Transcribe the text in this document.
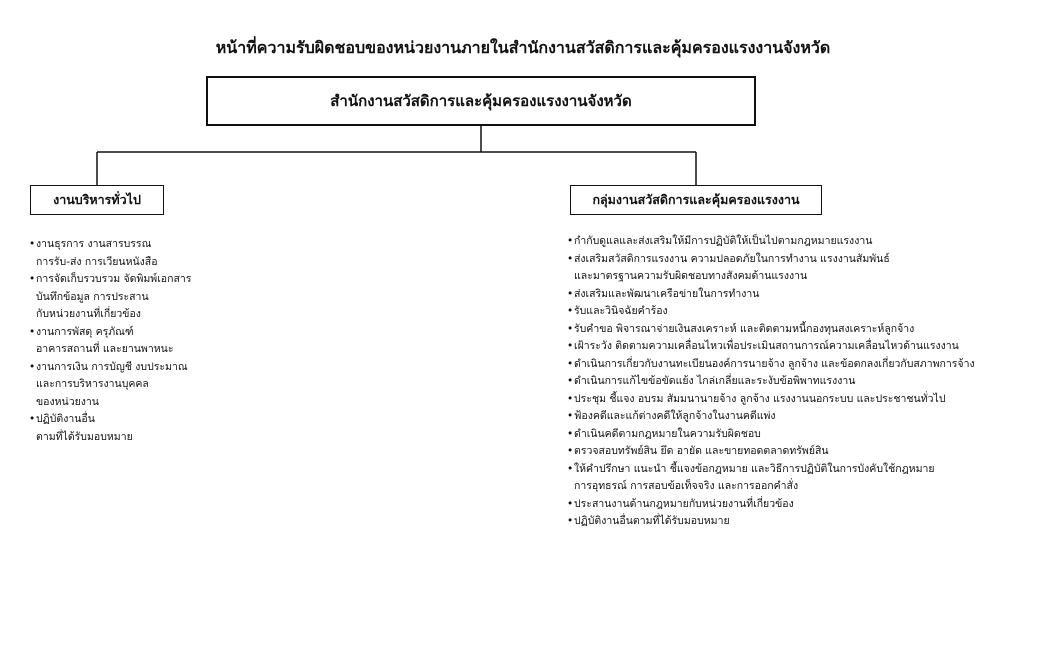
หน้าที่ความรับผิดชอบของหน่วยงานภายในสำนักงานสวัสดิการและคุ้มครองแรงงานจังหวัด
สำนักงานสวัสดิการและคุ้มครองแรงงานจังหวัด
งานบริหารทั่วไป	กลุ่มงานสวัสดิการและคุ้มครองแรงงาน
• งานธุรการ งานสารบรรณ
การรับ-ส่ง การเวียนหนังสือ
• การจัดเก็บรวบรวม จัดพิมพ์เอกสาร
บันทึกข้อมูล การประสาน
กับหน่วยงานที่เกี่ยวข้อง
• งานการพัสดุ ครุภัณฑ์
อาคารสถานที่ และยานพาหนะ
• งานการเงิน การบัญชี งบประมาณ
และการบริหารงานบุคคล
ของหน่วยงาน
• ปฏิบัติงานอื่น
ตามที่ได้รับมอบหมาย
• กำกับดูแลและส่งเสริมให้มีการปฏิบัติให้เป็นไปตามกฎหมายแรงงาน
• ส่งเสริมสวัสดิการแรงงาน ความปลอดภัยในการทำงาน แรงงานสัมพันธ์
และมาตรฐานความรับผิดชอบทางสังคมด้านแรงงาน
• ส่งเสริมและพัฒนาเครือข่ายในการทำงาน
• รับและวินิจฉัยคำร้อง
• รับคำขอ พิจารณาจ่ายเงินสงเคราะห์ และติดตามหนี้กองทุนสงเคราะห์ลูกจ้าง
• เฝ้าระวัง ติดตามความเคลื่อนไหวเพื่อประเมินสถานการณ์ความเคลื่อนไหวด้านแรงงาน
• ดำเนินการเกี่ยวกับงานทะเบียนองค์การนายจ้าง ลูกจ้าง และข้อตกลงเกี่ยวกับสภาพการจ้าง
• ดำเนินการแก้ไขข้อขัดแย้ง ไกล่เกลี่ยและระงับข้อพิพาทแรงงาน
• ประชุม ชี้แจง อบรม สัมมนานายจ้าง ลูกจ้าง แรงงานนอกระบบ และประชาชนทั่วไป
• ฟ้องคดีและแก้ต่างคดีให้ลูกจ้างในงานคดีแพ่ง
• ดำเนินคดีตามกฎหมายในความรับผิดชอบ
• ตรวจสอบทรัพย์สิน ยึด อายัด และขายทอดตลาดทรัพย์สิน
• ให้คำปรึกษา แนะนำ ชี้แจงข้อกฎหมาย และวิธีการปฏิบัติในการบังคับใช้กฎหมาย
การอุทธรณ์ การสอบข้อเท็จจริง และการออกคำสั่ง
• ประสานงานด้านกฎหมายกับหน่วยงานที่เกี่ยวข้อง
• ปฏิบัติงานอื่นตามที่ได้รับมอบหมาย
